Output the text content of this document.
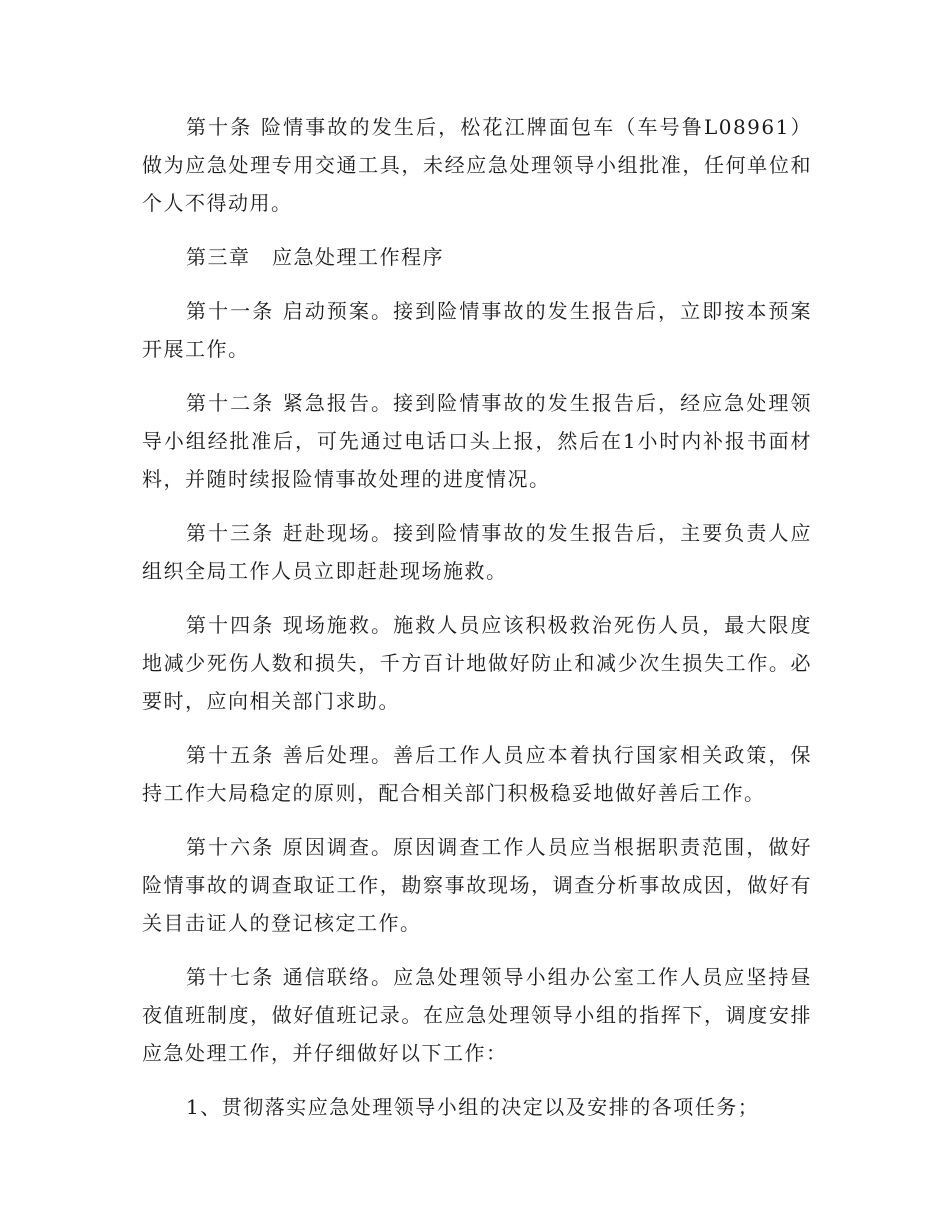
第十条 险情事故的发生后，松花江牌面包车（车号鲁L08961）做为应急处理专用交通工具，未经应急处理领导小组批准，任何单位和个人不得动用。

第三章　应急处理工作程序

第十一条 启动预案。接到险情事故的发生报告后，立即按本预案开展工作。

第十二条 紧急报告。接到险情事故的发生报告后，经应急处理领导小组经批准后，可先通过电话口头上报，然后在1小时内补报书面材料，并随时续报险情事故处理的进度情况。

第十三条 赶赴现场。接到险情事故的发生报告后，主要负责人应组织全局工作人员立即赶赴现场施救。

第十四条 现场施救。施救人员应该积极救治死伤人员，最大限度地减少死伤人数和损失，千方百计地做好防止和减少次生损失工作。必要时，应向相关部门求助。

第十五条 善后处理。善后工作人员应本着执行国家相关政策，保持工作大局稳定的原则，配合相关部门积极稳妥地做好善后工作。

第十六条 原因调查。原因调查工作人员应当根据职责范围，做好险情事故的调查取证工作，勘察事故现场，调查分析事故成因，做好有关目击证人的登记核定工作。

第十七条 通信联络。应急处理领导小组办公室工作人员应坚持昼夜值班制度，做好值班记录。在应急处理领导小组的指挥下，调度安排应急处理工作，并仔细做好以下工作：

1、贯彻落实应急处理领导小组的决定以及安排的各项任务；
